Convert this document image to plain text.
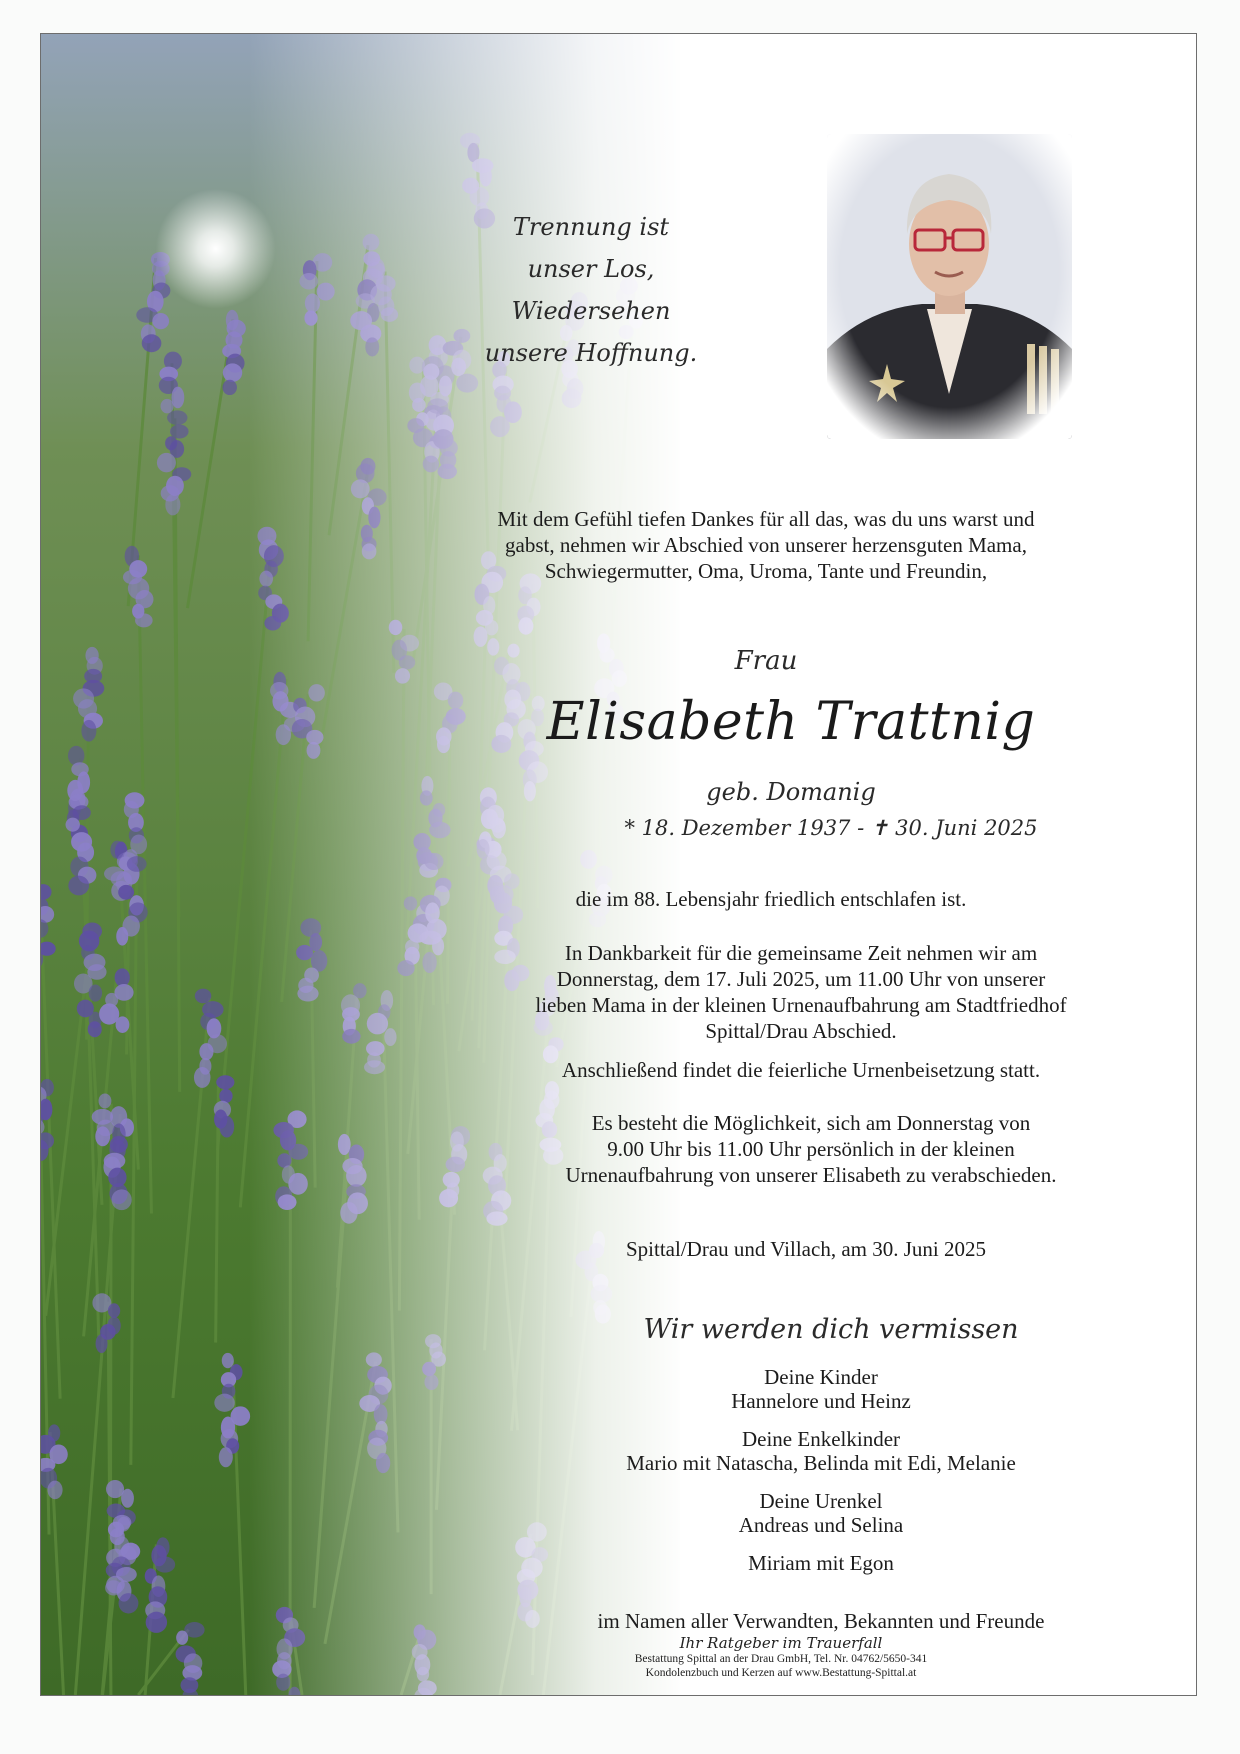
Trennung ist
unser Los,
Wiedersehen
unsere Hoffnung.
Mit dem Gefühl tiefen Dankes für all das, was du uns warst und
gabst, nehmen wir Abschied von unserer herzensguten Mama,
Schwiegermutter, Oma, Uroma, Tante und Freundin,
Frau
Elisabeth Trattnig
geb. Domanig
* 18. Dezember 1937 - ✝ 30. Juni 2025
die im 88. Lebensjahr friedlich entschlafen ist.
In Dankbarkeit für die gemeinsame Zeit nehmen wir am
Donnerstag, dem 17. Juli 2025, um 11.00 Uhr von unserer
lieben Mama in der kleinen Urnenaufbahrung am Stadtfriedhof
Spittal/Drau Abschied.
Anschließend findet die feierliche Urnenbeisetzung statt.
Es besteht die Möglichkeit, sich am Donnerstag von
9.00 Uhr bis 11.00 Uhr persönlich in der kleinen
Urnenaufbahrung von unserer Elisabeth zu verabschieden.
Spittal/Drau und Villach, am 30. Juni 2025
Wir werden dich vermissen
Deine Kinder
Hannelore und Heinz
Deine Enkelkinder
Mario mit Natascha, Belinda mit Edi, Melanie
Deine Urenkel
Andreas und Selina
Miriam mit Egon
im Namen aller Verwandten, Bekannten und Freunde
Ihr Ratgeber im Trauerfall
Bestattung Spittal an der Drau GmbH, Tel. Nr. 04762/5650-341
Kondolenzbuch und Kerzen auf www.Bestattung-Spittal.at
